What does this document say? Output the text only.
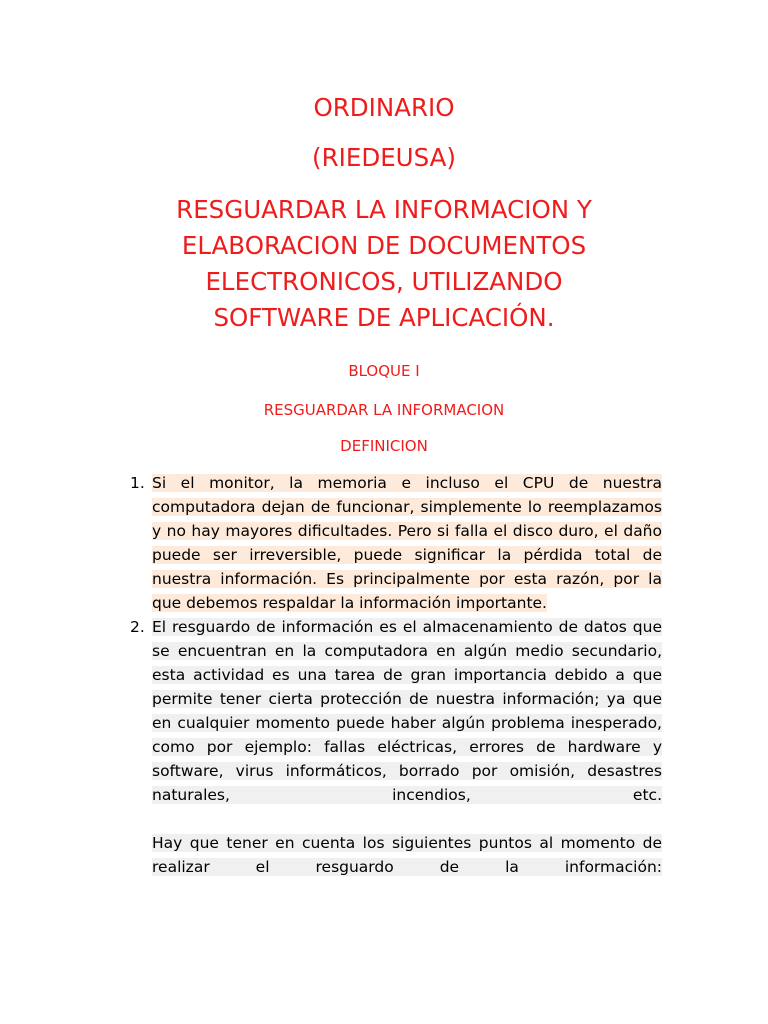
ORDINARIO
(RIEDEUSA)
RESGUARDAR LA INFORMACION Y
ELABORACION DE DOCUMENTOS
ELECTRONICOS, UTILIZANDO
SOFTWARE DE APLICACIÓN.
BLOQUE I
RESGUARDAR LA INFORMACION
DEFINICION
1. Si el monitor, la memoria e incluso el CPU de nuestra computadora dejan de funcionar, simplemente lo reemplazamos y no hay mayores dificultades. Pero si falla el disco duro, el daño puede ser irreversible, puede significar la pérdida total de nuestra información. Es principalmente por esta razón, por la que debemos respaldar la información importante.

2. El resguardo de información es el almacenamiento de datos que se encuentran en la computadora en algún medio secundario, esta actividad es una tarea de gran importancia debido a que permite tener cierta protección de nuestra información; ya que en cualquier momento puede haber algún problema inesperado, como por ejemplo: fallas eléctricas, errores de hardware y software, virus informáticos, borrado por omisión, desastres naturales, incendios, etc.

Hay que tener en cuenta los siguientes puntos al momento de realizar el resguardo de la información:
